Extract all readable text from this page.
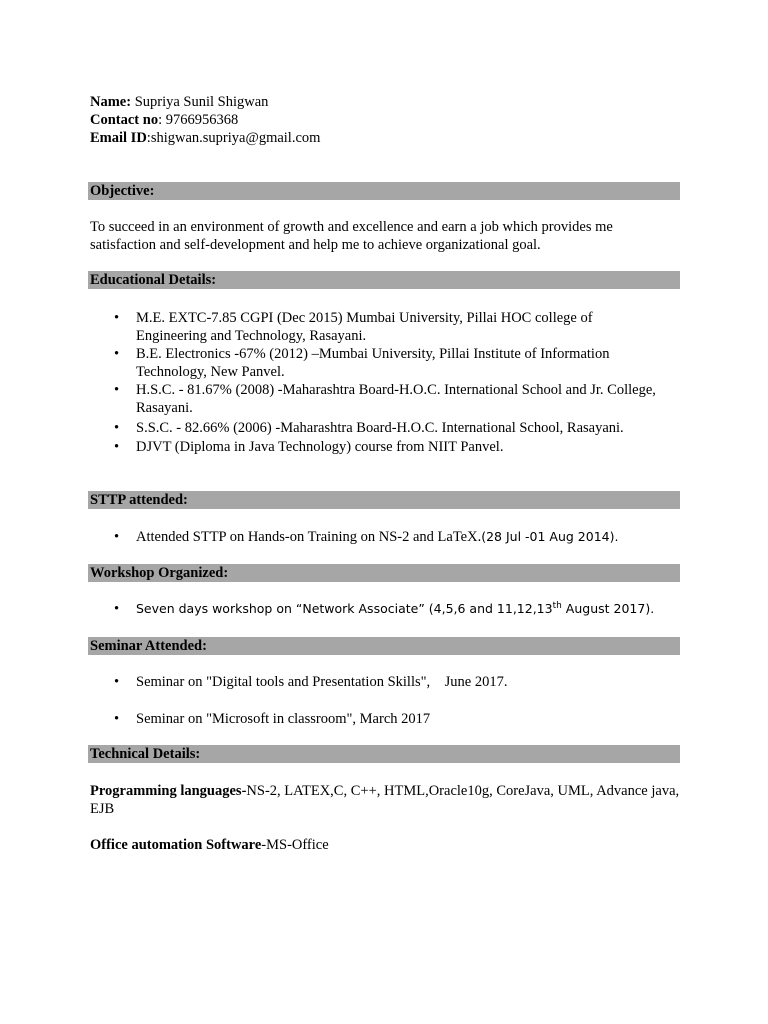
Name: Supriya Sunil Shigwan
Contact no: 9766956368
Email ID:shigwan.supriya@gmail.com
Objective:
To succeed in an environment of growth and excellence and earn a job which provides me satisfaction and self-development and help me to achieve organizational goal.
Educational Details:
• M.E. EXTC-7.85 CGPI (Dec 2015) Mumbai University, Pillai HOC college of Engineering and Technology, Rasayani.
• B.E. Electronics -67% (2012) –Mumbai University, Pillai Institute of Information Technology, New Panvel.
• H.S.C. - 81.67% (2008) -Maharashtra Board-H.O.C. International School and Jr. College, Rasayani.
• S.S.C. - 82.66% (2006) -Maharashtra Board-H.O.C. International School, Rasayani.
• DJVT (Diploma in Java Technology) course from NIIT Panvel.
STTP attended:
• Attended STTP on Hands-on Training on NS-2 and LaTeX.(28 Jul -01 Aug 2014).
Workshop Organized:
• Seven days workshop on “Network Associate” (4,5,6 and 11,12,13th August 2017).
Seminar Attended:
• Seminar on "Digital tools and Presentation Skills",    June 2017.
• Seminar on "Microsoft in classroom", March 2017
Technical Details:
Programming languages-NS-2, LATEX,C, C++, HTML,Oracle10g, CoreJava, UML, Advance java, EJB
Office automation Software-MS-Office
